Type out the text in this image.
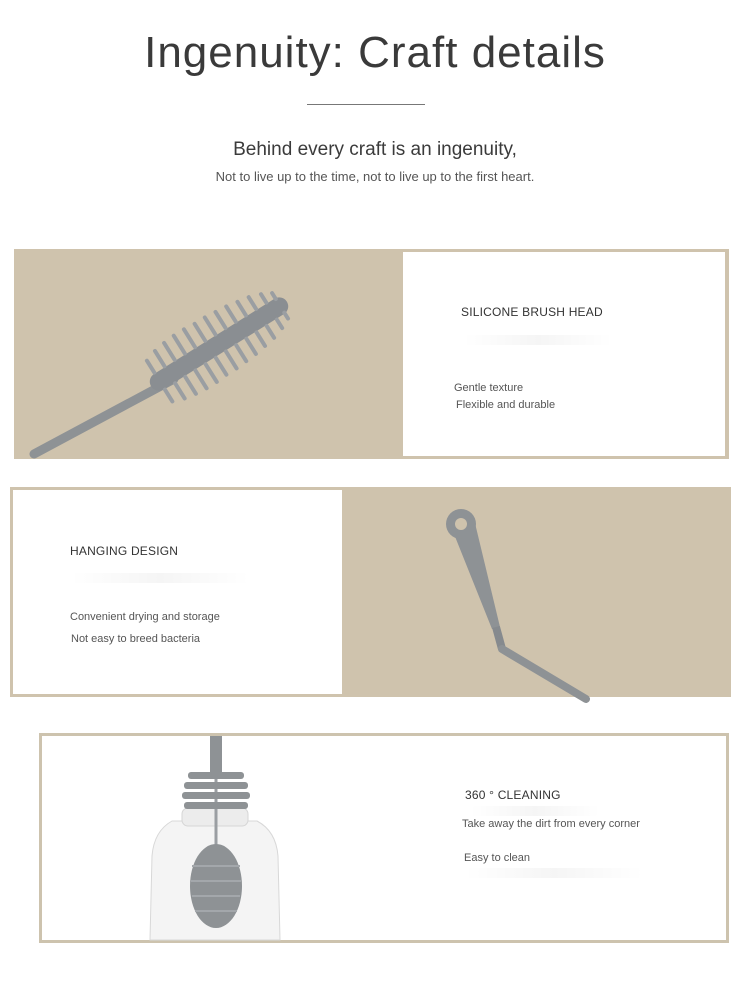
Ingenuity: Craft details
Behind every craft is an ingenuity,
Not to live up to the time, not to live up to the first heart.
SILICONE BRUSH HEAD
Gentle texture
Flexible and durable
HANGING DESIGN
Convenient drying and storage
Not easy to breed bacteria
360 ° CLEANING
Take away the dirt from every corner
Easy to clean
